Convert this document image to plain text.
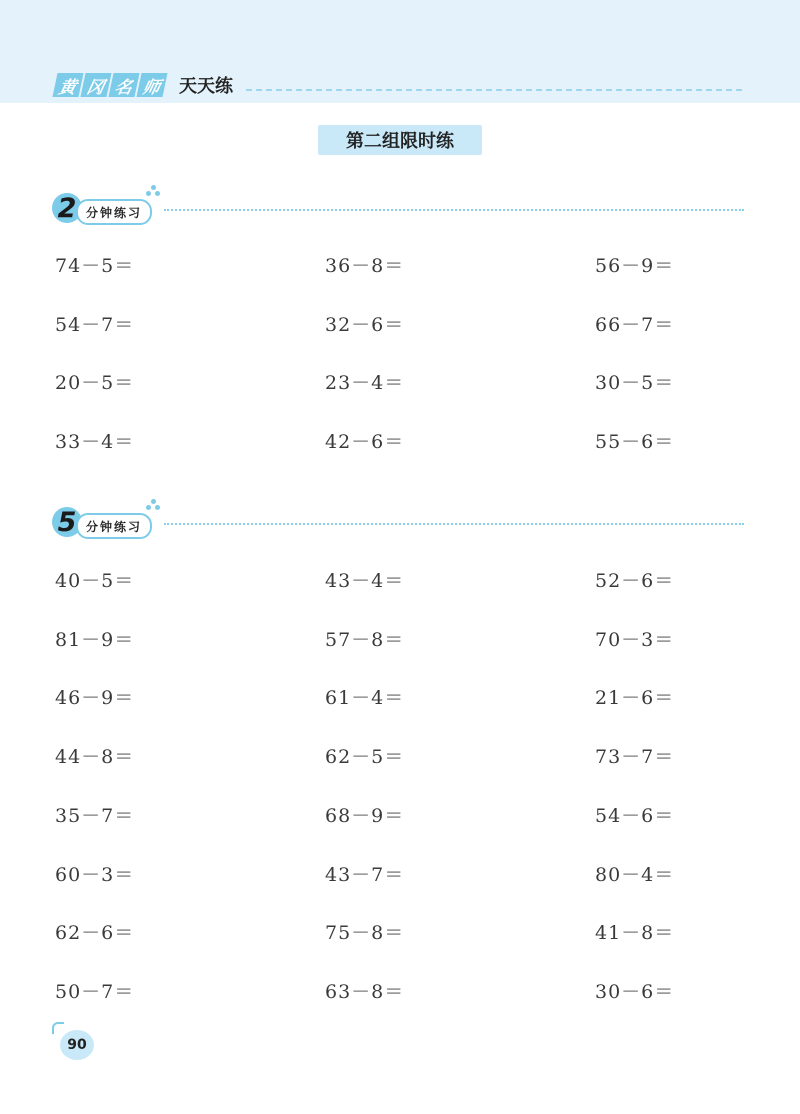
黄 冈 名 师 天天练
第二组限时练
2 分钟练习
74－5＝	36－8＝	56－9＝
54－7＝	32－6＝	66－7＝
20－5＝	23－4＝	30－5＝
33－4＝	42－6＝	55－6＝
5 分钟练习
40－5＝	43－4＝	52－6＝
81－9＝	57－8＝	70－3＝
46－9＝	61－4＝	21－6＝
44－8＝	62－5＝	73－7＝
35－7＝	68－9＝	54－6＝
60－3＝	43－7＝	80－4＝
62－6＝	75－8＝	41－8＝
50－7＝	63－8＝	30－6＝
90
